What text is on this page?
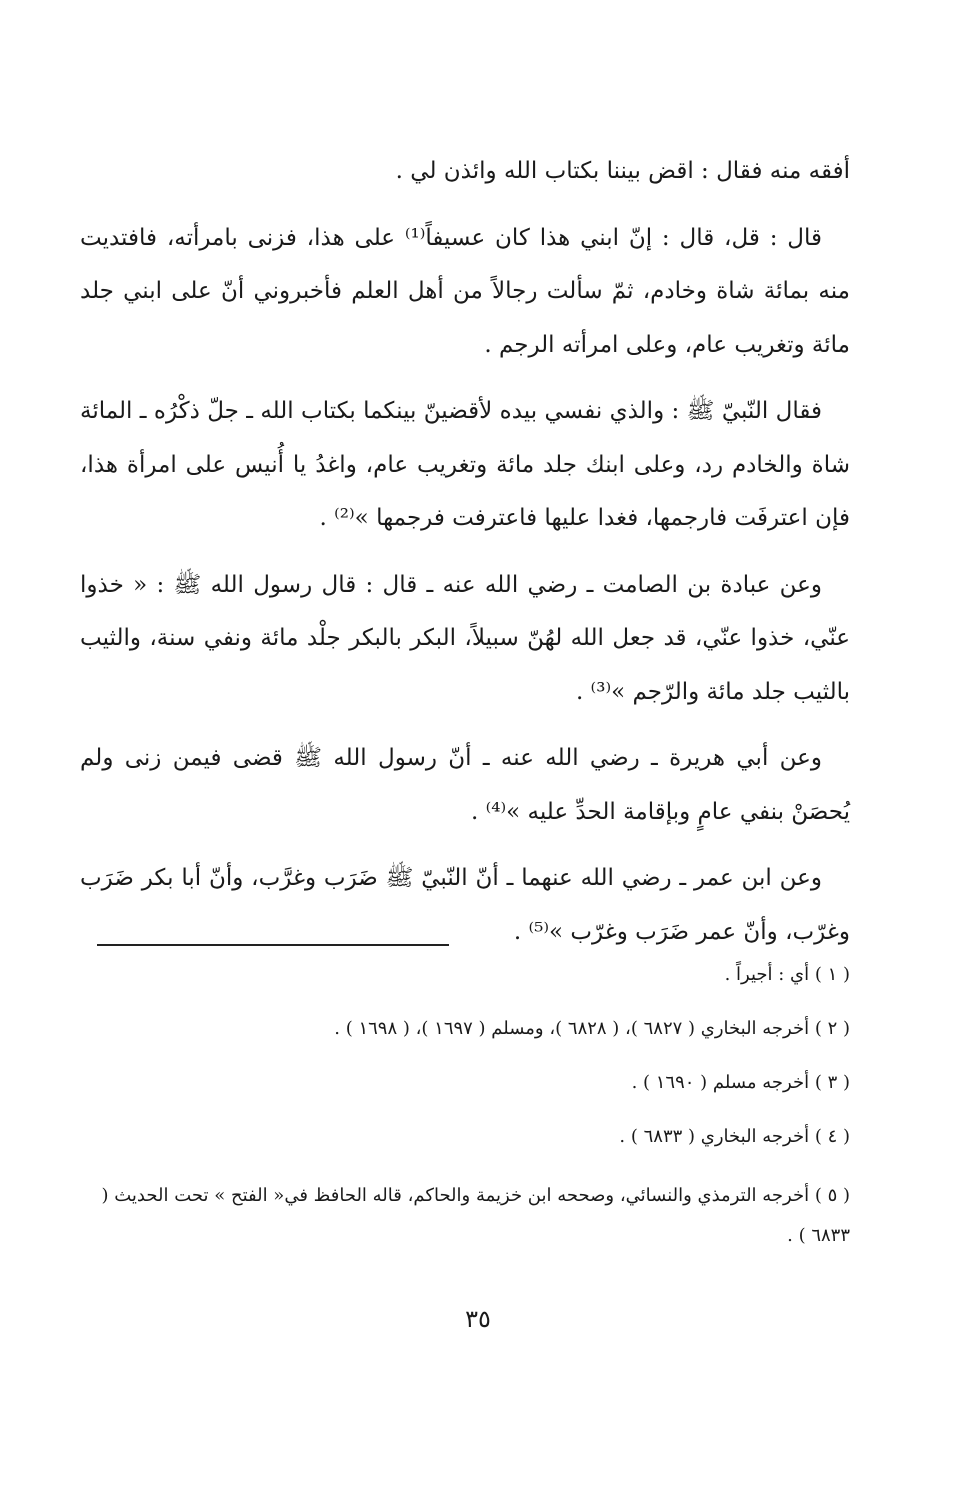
أفقه منه فقال : اقض بيننا بكتاب الله وائذن لي .

قال : قل، قال : إنّ ابني هذا كان عسيفاً⁽¹⁾ على هذا، فزنى بامرأته، فافتديت منه بمائة شاة وخادم، ثمّ سألت رجالاً من أهل العلم فأخبروني أنّ على ابني جلد مائة وتغريب عام، وعلى امرأته الرجم .

فقال النّبيّ ﷺ : والذي نفسي بيده لأقضينّ بينكما بكتاب الله ـ جلّ ذكْرُه ـ المائة شاة والخادم رد، وعلى ابنك جلد مائة وتغريب عام، واغدُ يا أُنيس على امرأة هذا، فإن اعترفَت فارجمها، فغدا عليها فاعترفت فرجمها »⁽²⁾ .

وعن عبادة بن الصامت ـ رضي الله عنه ـ قال : قال رسول الله ﷺ : « خذوا عنّي، خذوا عنّي، قد جعل الله لهُنّ سبيلاً، البكر بالبكر جلْد مائة ونفي سنة، والثيب بالثيب جلد مائة والرّجم »⁽³⁾ .

وعن أبي هريرة ـ رضي الله عنه ـ أنّ رسول الله ﷺ قضى فيمن زنى ولم يُحصَنْ بنفي عامٍ وبإقامة الحدِّ عليه »⁽⁴⁾ .

وعن ابن عمر ـ رضي الله عنهما ـ أنّ النّبيّ ﷺ ضَرَب وغرَّب، وأنّ أبا بكر ضَرَب وغرّب، وأنّ عمر ضَرَب وغرّب »⁽⁵⁾ .

( ١ ) أي : أجيراً .

( ٢ ) أخرجه البخاري ( ٦٨٢٧ )، ( ٦٨٢٨ )، ومسلم ( ١٦٩٧ )، ( ١٦٩٨ ) .

( ٣ ) أخرجه مسلم ( ١٦٩٠ ) .

( ٤ ) أخرجه البخاري ( ٦٨٣٣ ) .

( ٥ ) أخرجه الترمذي والنسائي، وصححه ابن خزيمة والحاكم، قاله الحافظ في« الفتح » تحت الحديث ( ٦٨٣٣ ) .

٣٥
